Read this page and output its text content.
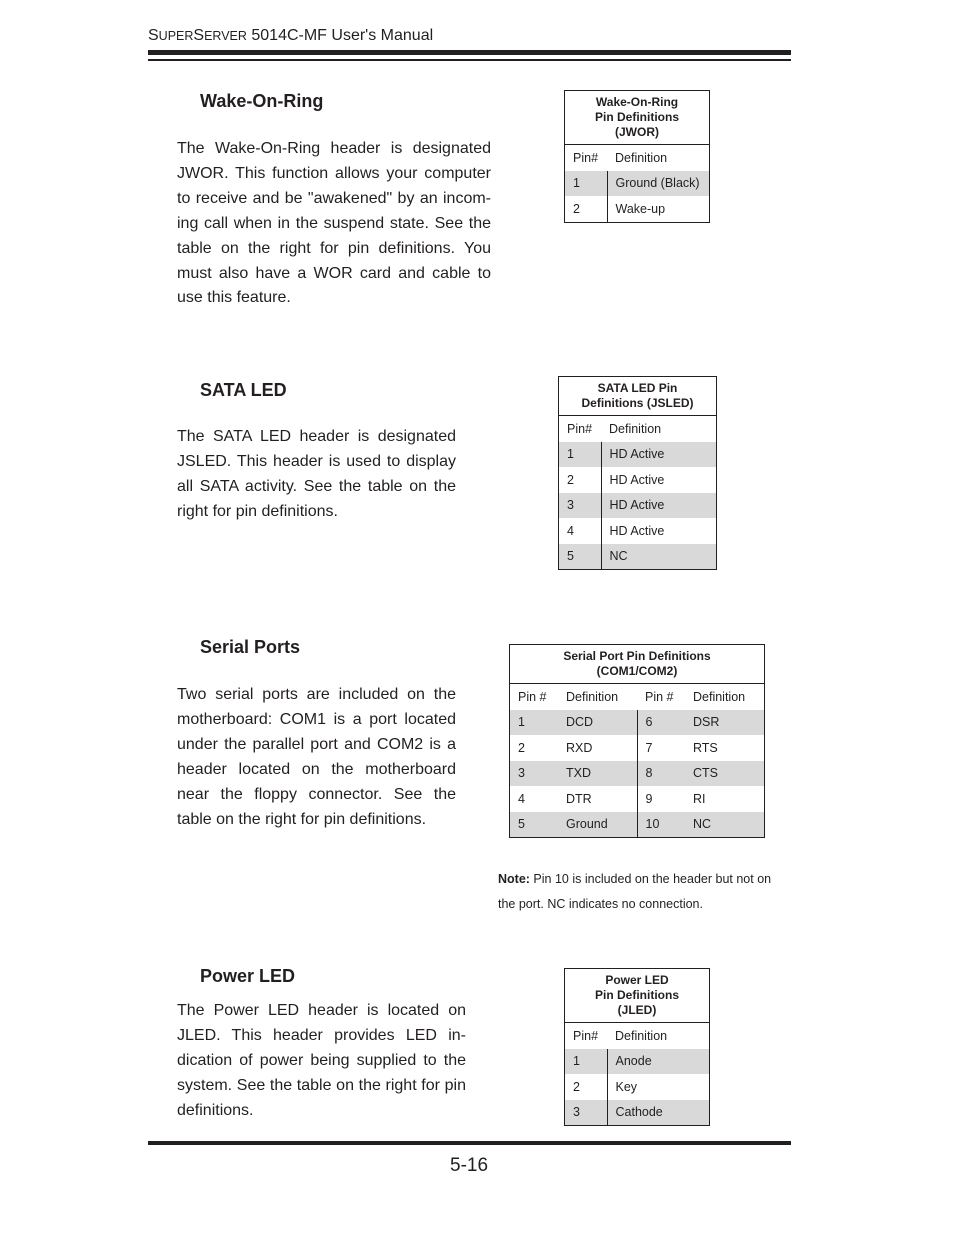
SUPERSERVER 5014C-MF User's Manual
Wake-On-Ring
The Wake-On-Ring header is designated JWOR. This function allows your computer to receive and be "awakened" by an incom-ing call when in the suspend state. See the table on the right for pin definitions. You must also have a WOR card and cable to use this feature.
Wake-On-Ring
Pin Definitions
(JWOR)	
Pin#	Definition
1	Ground (Black)
2	Wake-up
SATA LED
The SATA LED header is designated JSLED. This header is used to display all SATA activity. See the table on the right for pin definitions.
SATA LED Pin
Definitions (JSLED)	
Pin#	Definition
1	HD Active
2	HD Active
3	HD Active
4	HD Active
5	NC
Serial Ports
Two serial ports are included on the motherboard: COM1 is a port located under the parallel port and COM2 is a header located on the motherboard near the floppy connector. See the table on the right for pin definitions.
Serial Port Pin Definitions
(COM1/COM2)			
Pin #	Definition	Pin #	Definition
1	DCD	6	DSR
2	RXD	7	RTS
3	TXD	8	CTS
4	DTR	9	RI
5	Ground	10	NC
Note: Pin 10 is included on the header but not on the port. NC indicates no connection.
Power LED
The Power LED header is located on JLED. This header provides LED in-dication of power being supplied to the system. See the table on the right for pin definitions.
Power LED
Pin Definitions
(JLED)	
Pin#	Definition
1	Anode
2	Key
3	Cathode
5-16
